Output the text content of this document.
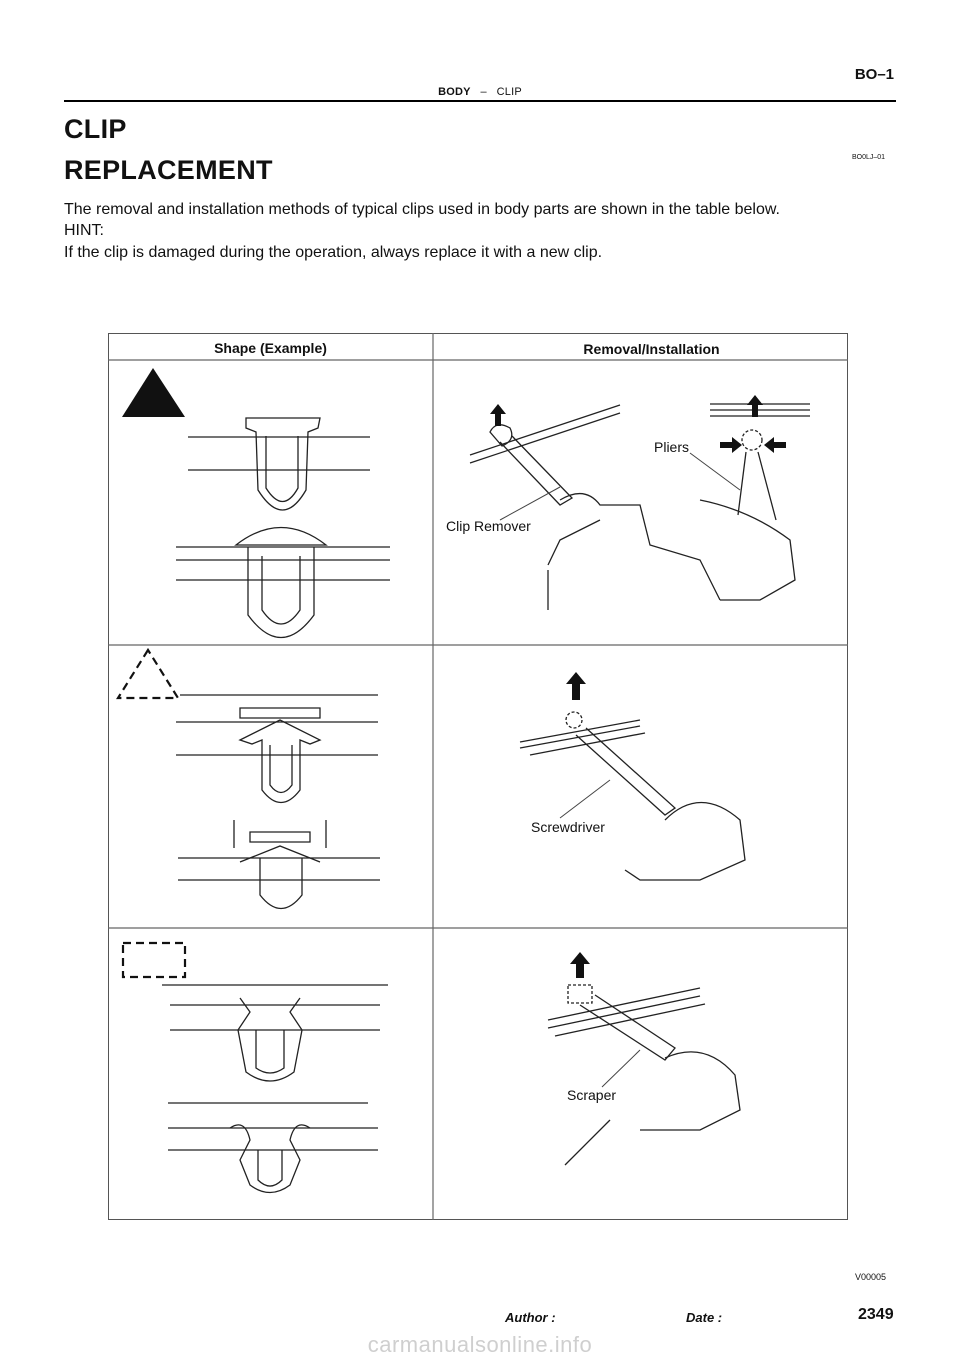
BO–1
BODY – CLIP
CLIP
REPLACEMENT	BO0LJ–01
The removal and installation methods of typical clips used in body parts are shown in the table below.
HINT:
If the clip is damaged during the operation, always replace it with a new clip.
Shape (Example)	Removal/Installation
Pliers
Clip Remover
Screwdriver
Scraper
V00005
Author :	Date :	2349
carmanualsonline.info
